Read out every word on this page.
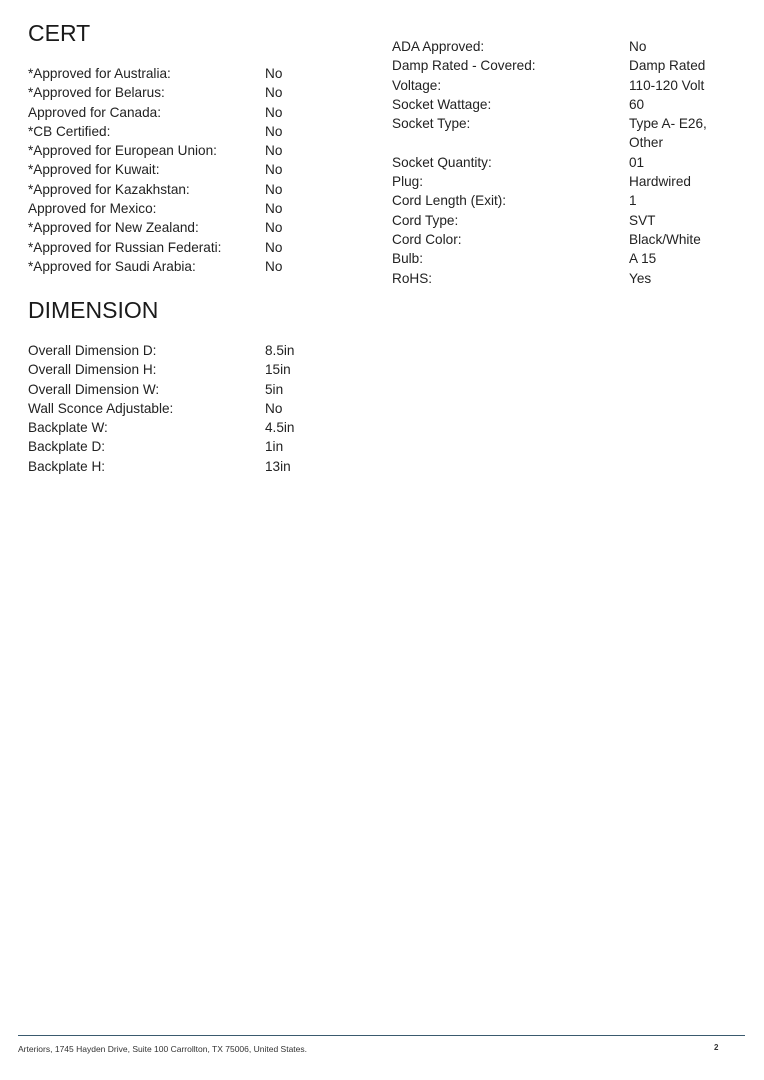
CERT
*Approved for Australia:	No
*Approved for Belarus:	No
Approved for Canada:	No
*CB Certified:	No
*Approved for European Union:	No
*Approved for Kuwait:	No
*Approved for Kazakhstan:	No
Approved for Mexico:	No
*Approved for New Zealand:	No
*Approved for Russian Federati:	No
*Approved for Saudi Arabia:	No
DIMENSION
Overall Dimension D:	8.5in
Overall Dimension H:	15in
Overall Dimension W:	5in
Wall Sconce Adjustable:	No
Backplate W:	4.5in
Backplate D:	1in
Backplate H:	13in
ADA Approved:	No
Damp Rated - Covered:	Damp Rated
Voltage:	110-120 Volt
Socket Wattage:	60
Socket Type:	Type A- E26, Other
Socket Quantity:	01
Plug:	Hardwired
Cord Length (Exit):	1
Cord Type:	SVT
Cord Color:	Black/White
Bulb:	A 15
RoHS:	Yes
Arteriors, 1745 Hayden Drive, Suite 100 Carrollton, TX 75006, United States.	2
